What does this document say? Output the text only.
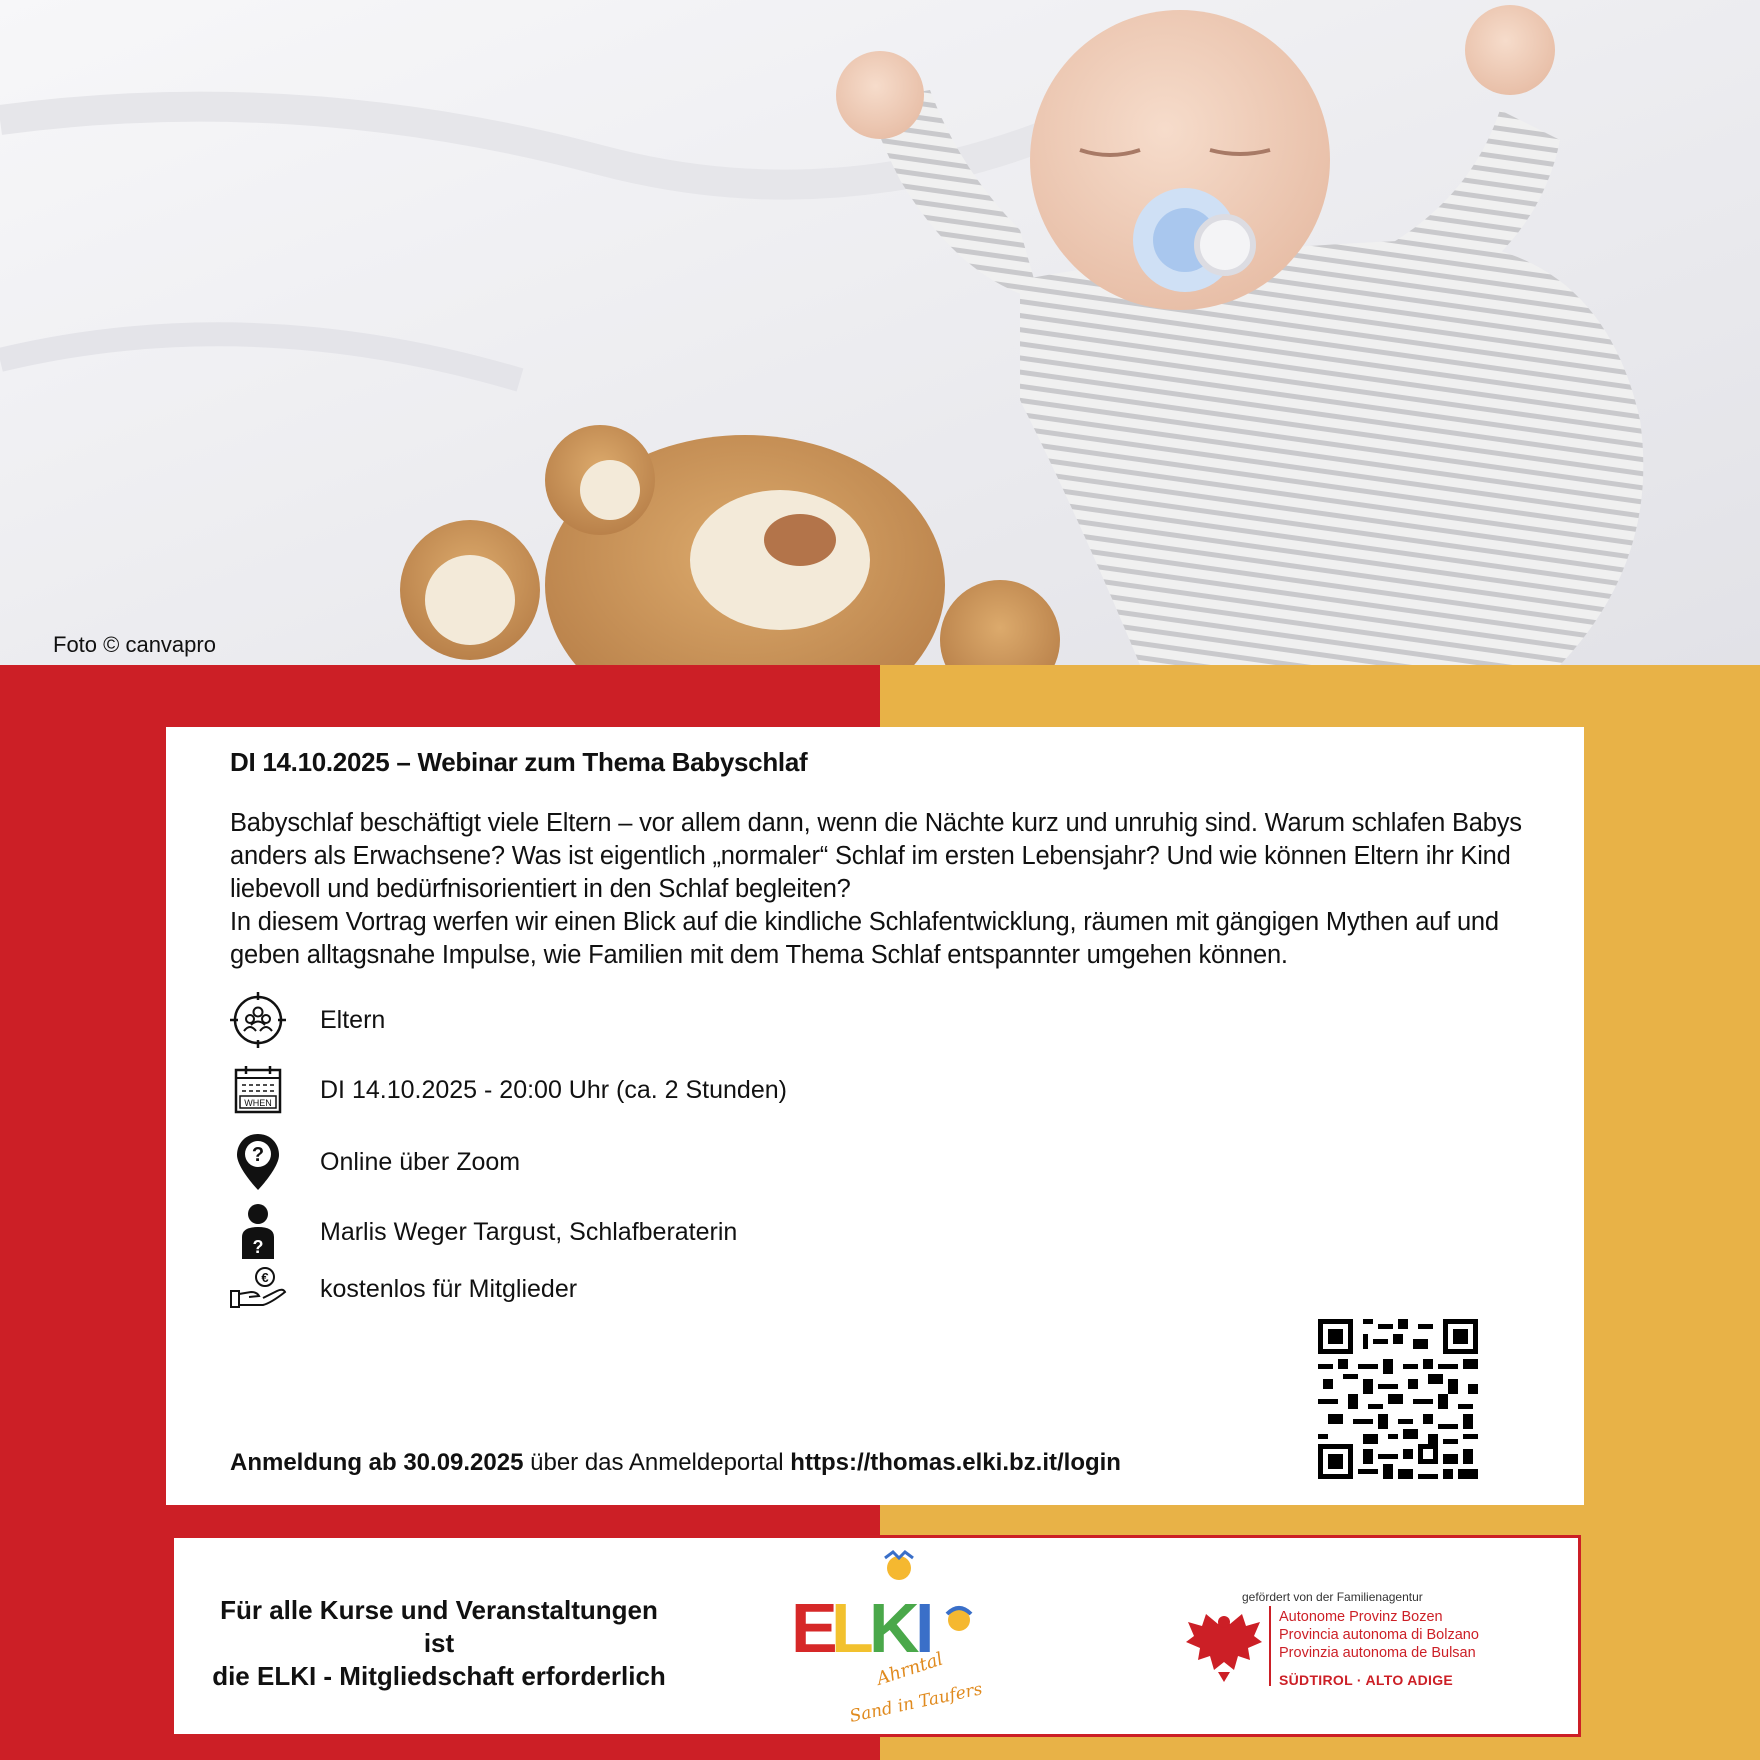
Foto © canvapro
DI 14.10.2025 – Webinar zum Thema Babyschlaf

Babyschlaf beschäftigt viele Eltern – vor allem dann, wenn die Nächte kurz und unruhig sind. Warum schlafen Babys anders als Erwachsene? Was ist eigentlich „normaler“ Schlaf im ersten Lebensjahr? Und wie können Eltern ihr Kind liebevoll und bedürfnisorientiert in den Schlaf begleiten?

In diesem Vortrag werfen wir einen Blick auf die kindliche Schlafentwicklung, räumen mit gängigen Mythen auf und geben alltagsnahe Impulse, wie Familien mit dem Thema Schlaf entspannter umgehen können.

Eltern
WHEN DI 14.10.2025 - 20:00 Uhr (ca. 2 Stunden)
? Online über Zoom
?
Marlis Weger Targust, Schlafberaterin
€ kostenlos für Mitglieder
Anmeldung ab 30.09.2025 über das Anmeldeportal https://thomas.elki.bz.it/login
Für alle Kurse und Veranstaltungen ist
die ELKI - Mitgliedschaft erforderlich
E
L
K
I
Ahrntal
Sand in Taufers
gefördert von der Familienagentur
Autonome Provinz Bozen
Provincia autonoma di Bolzano
Provinzia autonoma de Bulsan
SÜDTIROL · ALTO ADIGE
